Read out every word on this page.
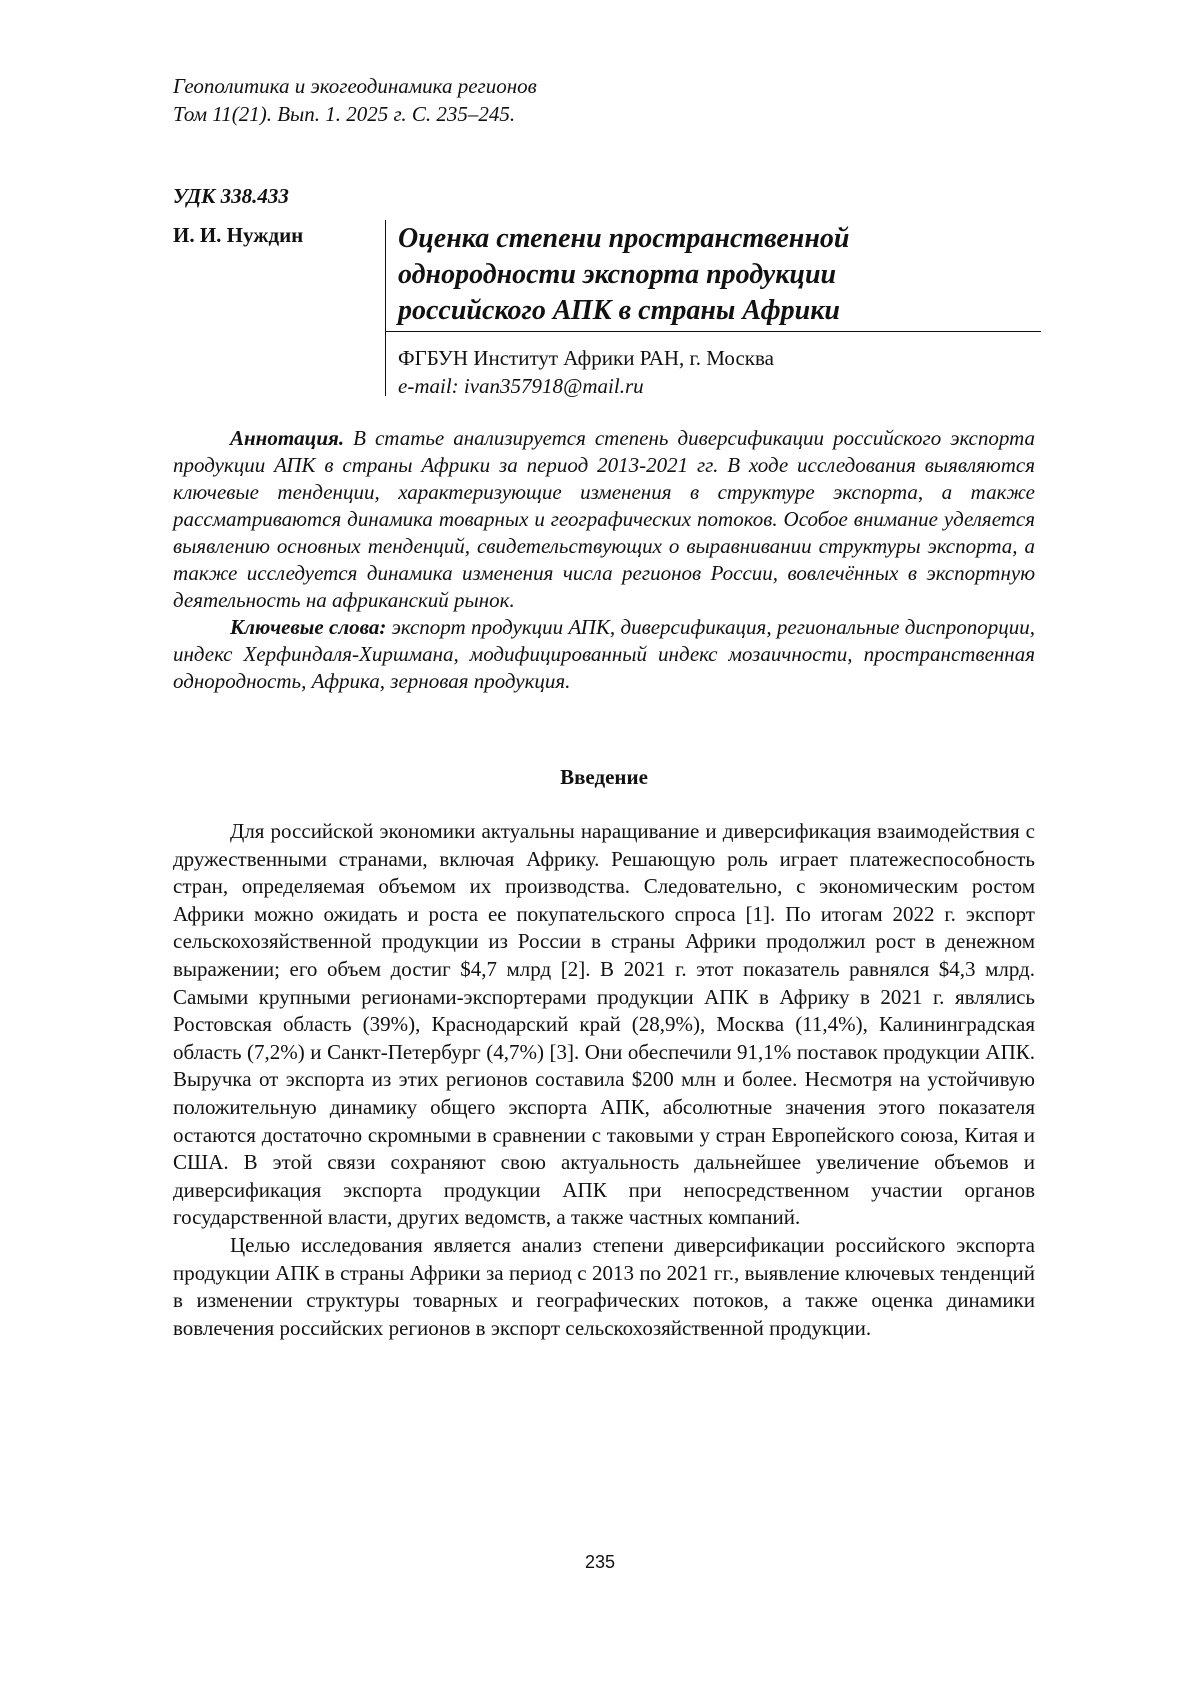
Геополитика и экогеодинамика регионов
Том 11(21). Вып. 1. 2025 г. С. 235–245.
УДК 338.433
И. И. Нуждин	Оценка степени пространственной
однородности экспорта продукции
российского АПК в страны Африки
ФГБУН Институт Африки РАН, г. Москва
e-mail: ivan357918@mail.ru

Аннотация. В статье анализируется степень диверсификации российского экспорта продукции АПК в страны Африки за период 2013-2021 гг. В ходе исследования выявляются ключевые тенденции, характеризующие изменения в структуре экспорта, а также рассматриваются динамика товарных и географических потоков. Особое внимание уделяется выявлению основных тенденций, свидетельствующих о выравнивании структуры экспорта, а также исследуется динамика изменения числа регионов России, вовлечённых в экспортную деятельность на африканский рынок.

Ключевые слова: экспорт продукции АПК, диверсификация, региональные диспропорции, индекс Херфиндаля-Хиршмана, модифицированный индекс мозаичности, пространственная однородность, Африка, зерновая продукция.

Введение

Для российской экономики актуальны наращивание и диверсификация взаимодействия с дружественными странами, включая Африку. Решающую роль играет платежеспособность стран, определяемая объемом их производства. Следовательно, с экономическим ростом Африки можно ожидать и роста ее покупательского спроса [1]. По итогам 2022 г. экспорт сельскохозяйственной продукции из России в страны Африки продолжил рост в денежном выражении; его объем достиг $4,7 млрд [2]. В 2021 г. этот показатель равнялся $4,3 млрд. Самыми крупными регионами-экспортерами продукции АПК в Африку в 2021 г. являлись Ростовская область (39%), Краснодарский край (28,9%), Москва (11,4%), Калининградская область (7,2%) и Санкт-Петербург (4,7%) [3]. Они обеспечили 91,1% поставок продукции АПК. Выручка от экспорта из этих регионов составила $200 млн и более. Несмотря на устойчивую положительную динамику общего экспорта АПК, абсолютные значения этого показателя остаются достаточно скромными в сравнении с таковыми у стран Европейского союза, Китая и США. В этой связи сохраняют свою актуальность дальнейшее увеличение объемов и диверсификация экспорта продукции АПК при непосредственном участии органов государственной власти, других ведомств, а также частных компаний.

Целью исследования является анализ степени диверсификации российского экспорта продукции АПК в страны Африки за период с 2013 по 2021 гг., выявление ключевых тенденций в изменении структуры товарных и географических потоков, а также оценка динамики вовлечения российских регионов в экспорт сельскохозяйственной продукции.

235
